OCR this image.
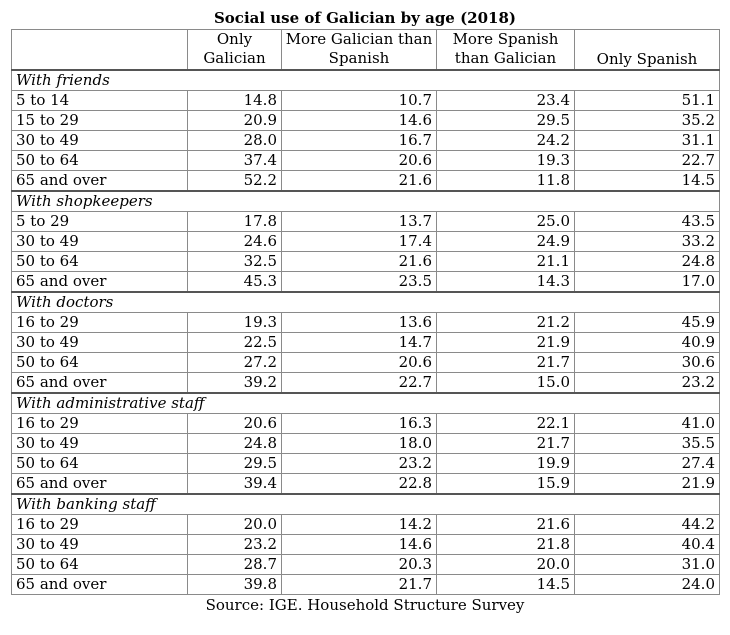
Social use of Galician by age (2018)
	Only Galician	More Galician than Spanish	More Spanish than Galician	Only Spanish
With friends				
5 to 14	14.8	10.7	23.4	51.1
15 to 29	20.9	14.6	29.5	35.2
30 to 49	28.0	16.7	24.2	31.1
50 to 64	37.4	20.6	19.3	22.7
65 and over	52.2	21.6	11.8	14.5
With shopkeepers				
5 to 29	17.8	13.7	25.0	43.5
30 to 49	24.6	17.4	24.9	33.2
50 to 64	32.5	21.6	21.1	24.8
65 and over	45.3	23.5	14.3	17.0
With doctors				
16 to 29	19.3	13.6	21.2	45.9
30 to 49	22.5	14.7	21.9	40.9
50 to 64	27.2	20.6	21.7	30.6
65 and over	39.2	22.7	15.0	23.2
With administrative staff				
16 to 29	20.6	16.3	22.1	41.0
30 to 49	24.8	18.0	21.7	35.5
50 to 64	29.5	23.2	19.9	27.4
65 and over	39.4	22.8	15.9	21.9
With banking staff				
16 to 29	20.0	14.2	21.6	44.2
30 to 49	23.2	14.6	21.8	40.4
50 to 64	28.7	20.3	20.0	31.0
65 and over	39.8	21.7	14.5	24.0
Source: IGE. Household Structure Survey
